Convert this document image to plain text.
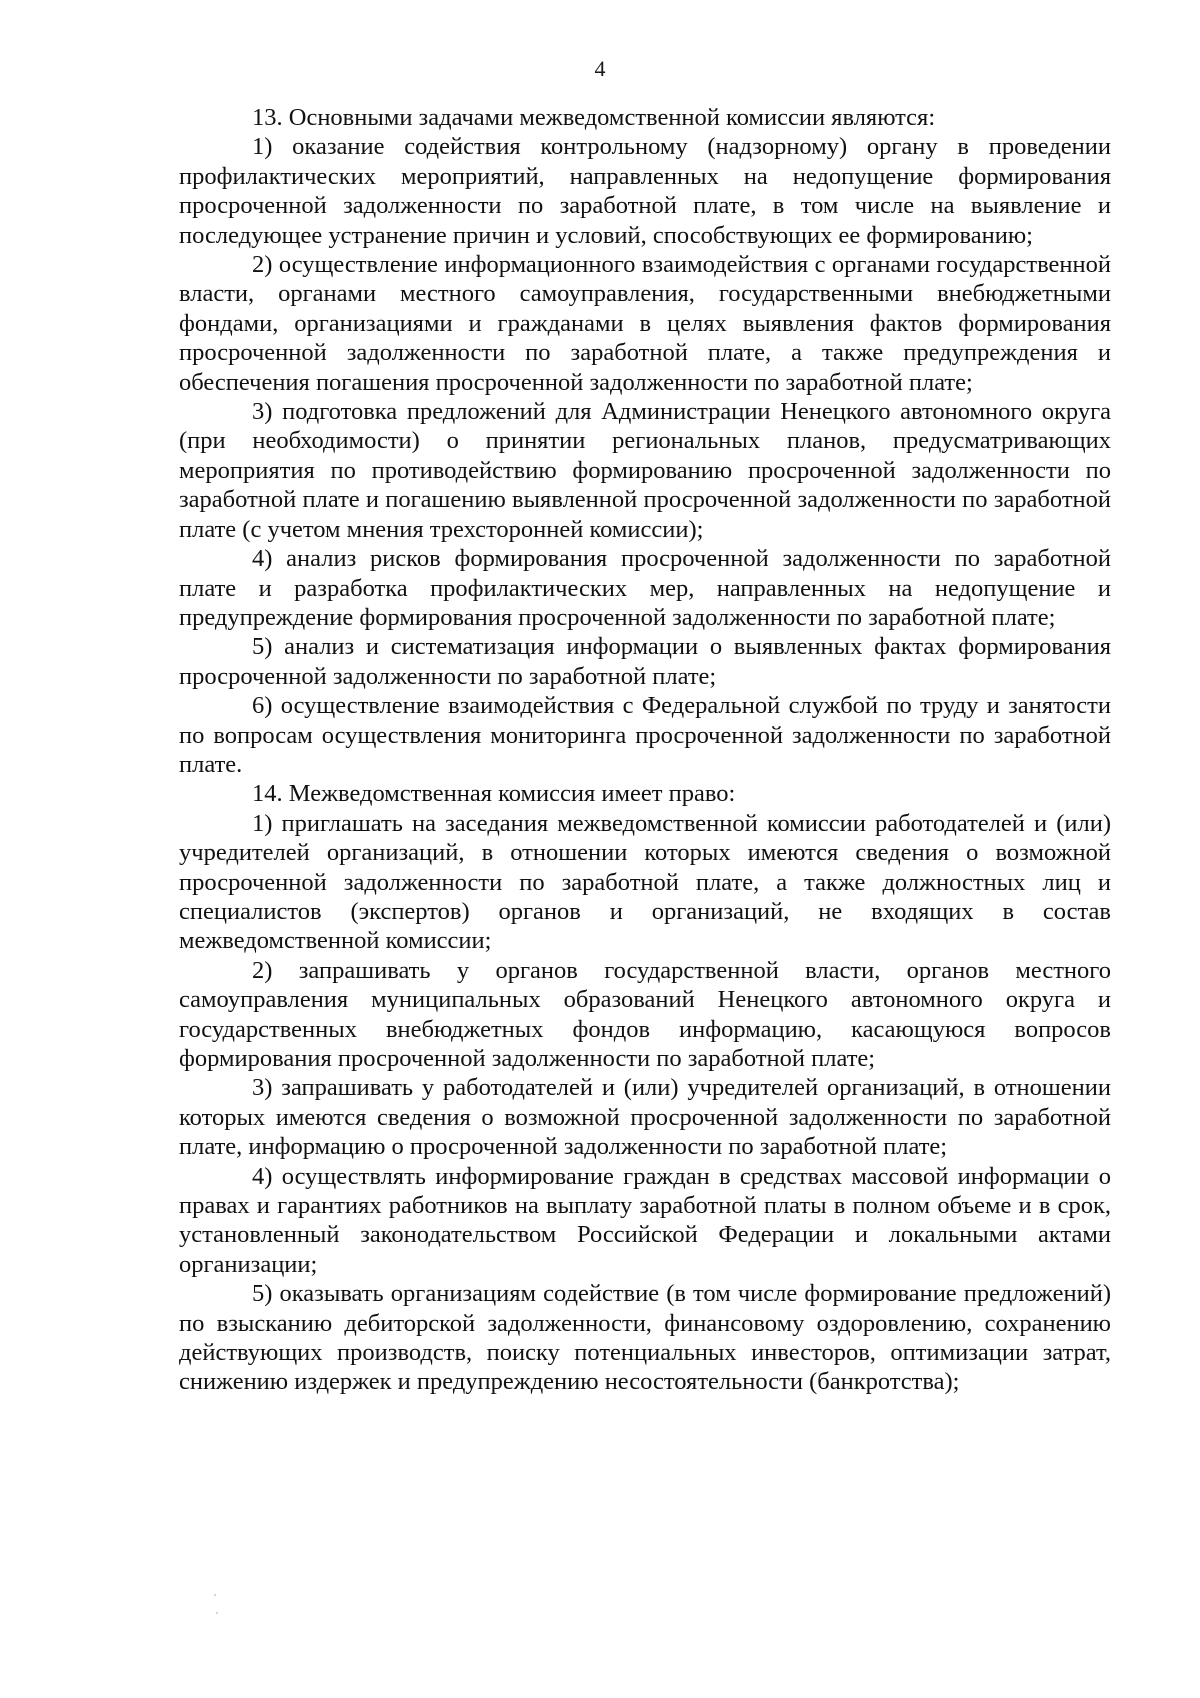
4

13. Основными задачами межведомственной комиссии являются:

1) оказание содействия контрольному (надзорному) органу в проведении профилактических мероприятий, направленных на недопущение формирования просроченной задолженности по заработной плате, в том числе на выявление и последующее устранение причин и условий, способствующих ее формированию;

2) осуществление информационного взаимодействия с органами государственной власти, органами местного самоуправления, государственными внебюджетными фондами, организациями и гражданами в целях выявления фактов формирования просроченной задолженности по заработной плате, а также предупреждения и обеспечения погашения просроченной задолженности по заработной плате;

3) подготовка предложений для Администрации Ненецкого автономного округа (при необходимости) о принятии региональных планов, предусматривающих мероприятия по противодействию формированию просроченной задолженности по заработной плате и погашению выявленной просроченной задолженности по заработной плате (с учетом мнения трехсторонней комиссии);

4) анализ рисков формирования просроченной задолженности по заработной плате и разработка профилактических мер, направленных на недопущение и предупреждение формирования просроченной задолженности по заработной плате;

5) анализ и систематизация информации о выявленных фактах формирования просроченной задолженности по заработной плате;

6) осуществление взаимодействия с Федеральной службой по труду и занятости по вопросам осуществления мониторинга просроченной задолженности по заработной плате.

14. Межведомственная комиссия имеет право:

1) приглашать на заседания межведомственной комиссии работодателей и (или) учредителей организаций, в отношении которых имеются сведения о возможной просроченной задолженности по заработной плате, а также должностных лиц и специалистов (экспертов) органов и организаций, не входящих в состав межведомственной комиссии;

2) запрашивать у органов государственной власти, органов местного самоуправления муниципальных образований Ненецкого автономного округа и государственных внебюджетных фондов информацию, касающуюся вопросов формирования просроченной задолженности по заработной плате;

3) запрашивать у работодателей и (или) учредителей организаций, в отношении которых имеются сведения о возможной просроченной задолженности по заработной плате, информацию о просроченной задолженности по заработной плате;

4) осуществлять информирование граждан в средствах массовой информации о правах и гарантиях работников на выплату заработной платы в полном объеме и в срок, установленный законодательством Российской Федерации и локальными актами организации;

5) оказывать организациям содействие (в том числе формирование предложений) по взысканию дебиторской задолженности, финансовому оздоровлению, сохранению действующих производств, поиску потенциальных инвесторов, оптимизации затрат, снижению издержек и предупреждению несостоятельности (банкротства);
